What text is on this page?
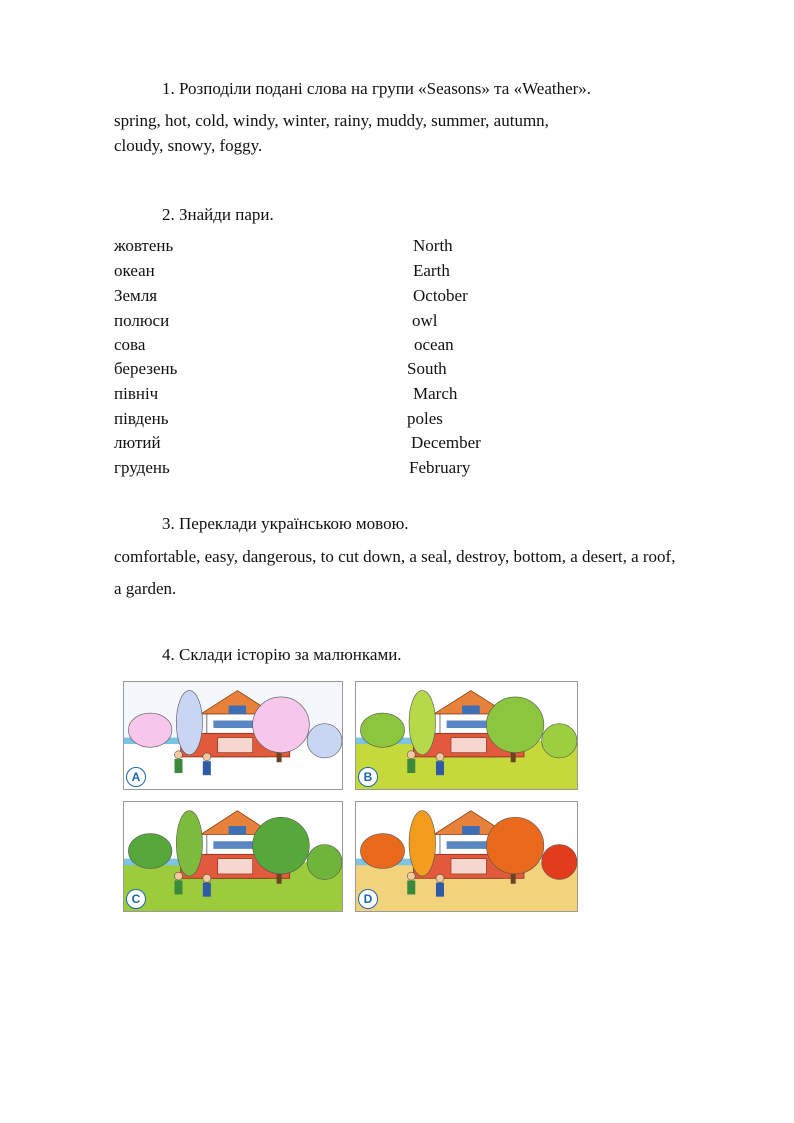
1. Розподіли подані слова на групи «Seasons» та «Weather».
spring, hot, cold, windy, winter, rainy, muddy, summer, autumn,
cloudy, snowy, foggy.
2. Знайди пари.
жовтень
океан
Земля
полюси
сова
березень
північ
південь
лютий
грудень
North
Earth
October
owl
ocean
South
March
poles
December
February
3. Переклади українською мовою.
comfortable, easy, dangerous, to cut down, a seal, destroy, bottom, a desert, a roof,
a garden.
4. Склади історію за малюнками.
A	B
C	D
